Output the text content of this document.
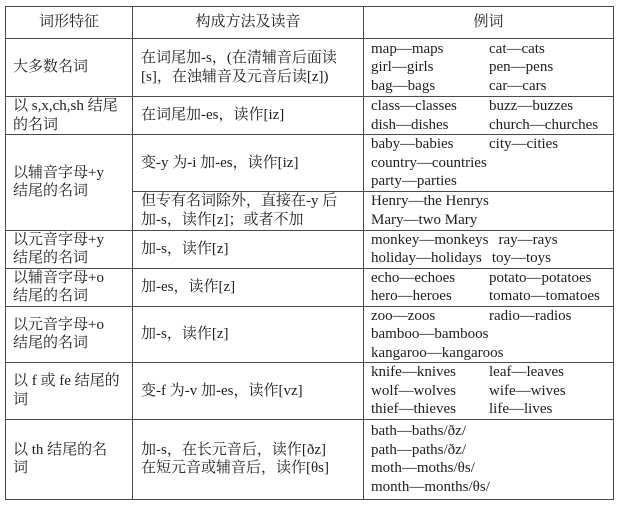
词形特征	构成方法及读音	例词

大多数名词	在词尾加-s，(在清辅音后面读
[s]，在浊辅音及元音后读[z])	map—maps cat—cats
girl—girls pen—pens
bag—bags car—cars

以 s,x,ch,sh 结尾
的名词	在词尾加-es，读作[iz]	class—classes buzz—buzzes
dish—dishes church—churches

以辅音字母+y
结尾的名词	变-y 为-i 加-es，读作[iz]	baby—babies city—cities
country—countries
party—parties

	但专有名词除外，直接在-y 后
加-s，读作[z]；或者不加	Henry—the Henrys
Mary—two Mary

以元音字母+y
结尾的名词	加-s，读作[z]	monkey—monkeys ray—rays
holiday—holidays toy—toys

以辅音字母+o
结尾的名词	加-es，读作[z]	echo—echoes potato—potatoes
hero—heroes tomato—tomatoes

以元音字母+o
结尾的名词	加-s，读作[z]	zoo—zoos radio—radios
bamboo—bamboos
kangaroo—kangaroos

以 f 或 fe 结尾的
词	变-f 为-v 加-es，读作[vz]	knife—knives leaf—leaves
wolf—wolves wife—wives
thief—thieves life—lives

以 th 结尾的名
词	加-s，在长元音后，读作[ðz]
在短元音或辅音后，读作[θs]	bath—baths/ðz/
path—paths/ðz/
moth—moths/θs/
month—months/θs/
